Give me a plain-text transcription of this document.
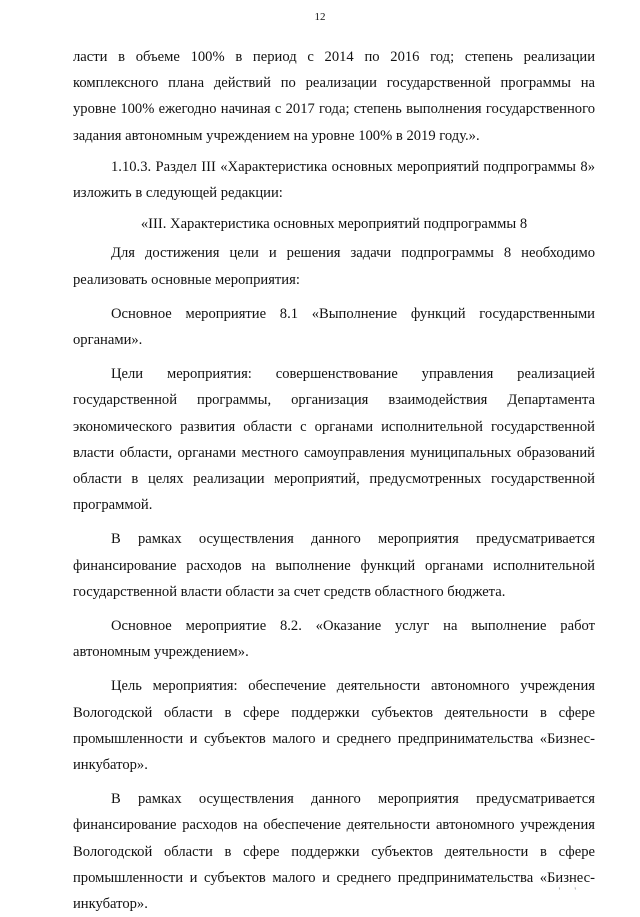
12

ласти в объеме 100% в период с 2014 по 2016 год; степень реализации комплексного плана действий по реализации государственной программы на уровне 100% ежегодно начиная с 2017 года; степень выполнения государственного задания автономным учреждением на уровне 100% в 2019 году.».

1.10.3. Раздел III «Характеристика основных мероприятий подпрограммы 8» изложить в следующей редакции:

«III. Характеристика основных мероприятий подпрограммы 8

Для достижения цели и решения задачи подпрограммы 8 необходимо реализовать основные мероприятия:

Основное мероприятие 8.1 «Выполнение функций государственными органами».

Цели мероприятия: совершенствование управления реализацией государственной программы, организация взаимодействия Департамента экономического развития области с органами исполнительной государственной власти области, органами местного самоуправления муниципальных образований области в целях реализации мероприятий, предусмотренных государственной программой.

В рамках осуществления данного мероприятия предусматривается финансирование расходов на выполнение функций органами исполнительной государственной власти области за счет средств областного бюджета.

Основное мероприятие 8.2. «Оказание услуг на выполнение работ автономным учреждением».

Цель мероприятия: обеспечение деятельности автономного учреждения Вологодской области в сфере поддержки субъектов деятельности в сфере промышленности и субъектов малого и среднего предпринимательства «Бизнес-инкубатор».

В рамках осуществления данного мероприятия предусматривается финансирование расходов на обеспечение деятельности автономного учреждения Вологодской области в сфере поддержки субъектов деятельности в сфере промышленности и субъектов малого и среднего предпринимательства «Бизнес-инкубатор».

' '
